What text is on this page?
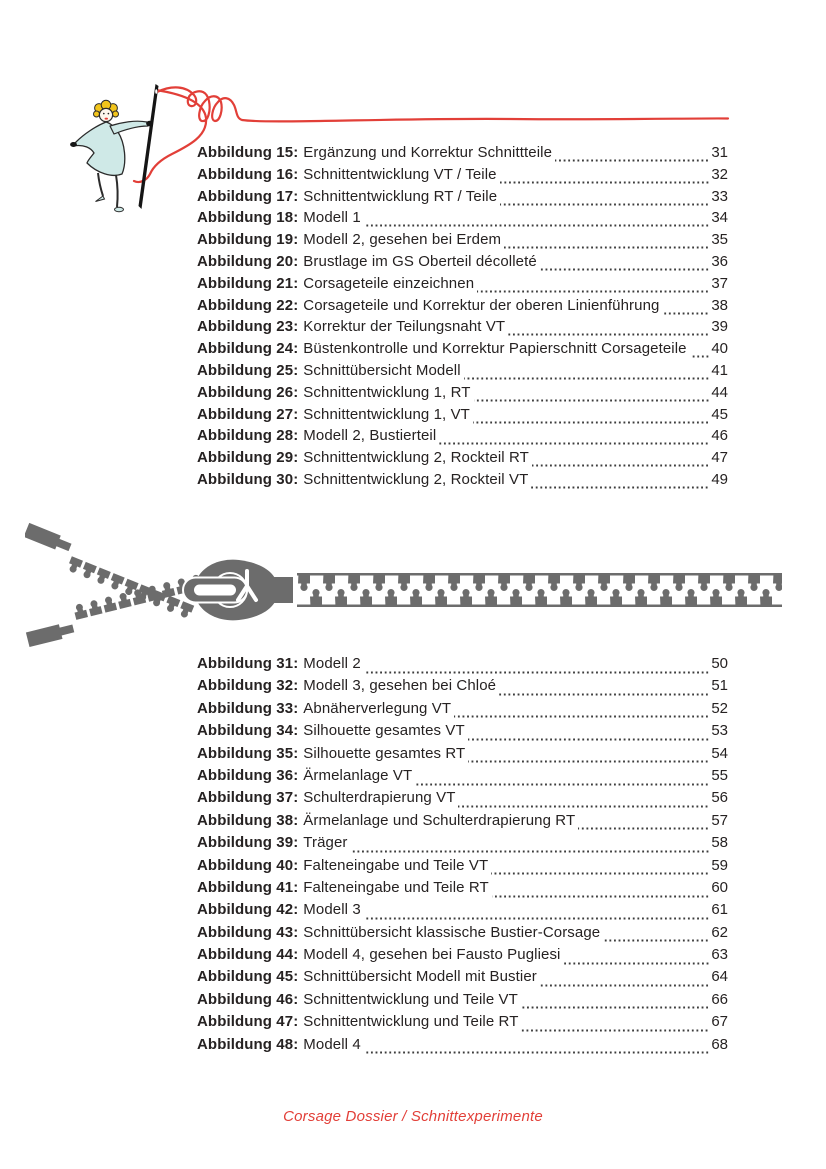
Abbildung 15: Ergänzung und Korrektur Schnittteile	31
Abbildung 16: Schnittentwicklung VT / Teile	32
Abbildung 17: Schnittentwicklung RT / Teile	33
Abbildung 18: Modell 1	34
Abbildung 19: Modell 2, gesehen bei Erdem	35
Abbildung 20: Brustlage im GS Oberteil décolleté	36
Abbildung 21: Corsageteile einzeichnen	37
Abbildung 22: Corsageteile und Korrektur der oberen Linienführung	38
Abbildung 23: Korrektur der Teilungsnaht VT	39
Abbildung 24: Büstenkontrolle und Korrektur Papierschnitt Corsageteile 40
Abbildung 25: Schnittübersicht Modell	41
Abbildung 26: Schnittentwicklung 1, RT	44
Abbildung 27: Schnittentwicklung 1, VT	45
Abbildung 28: Modell 2, Bustierteil	46
Abbildung 29: Schnittentwicklung 2, Rockteil RT	47
Abbildung 30: Schnittentwicklung 2, Rockteil VT	49
Abbildung 31: Modell 2	50
Abbildung 32: Modell 3, gesehen bei Chloé	51
Abbildung 33: Abnäherverlegung VT	52
Abbildung 34: Silhouette gesamtes VT	53
Abbildung 35: Silhouette gesamtes RT	54
Abbildung 36: Ärmelanlage VT	55
Abbildung 37: Schulterdrapierung VT	56
Abbildung 38: Ärmelanlage und Schulterdrapierung RT	57
Abbildung 39: Träger	58
Abbildung 40: Falteneingabe und Teile VT	59
Abbildung 41: Falteneingabe und Teile RT	60
Abbildung 42: Modell 3	61
Abbildung 43: Schnittübersicht klassische Bustier-Corsage	62
Abbildung 44: Modell 4, gesehen bei Fausto Pugliesi	63
Abbildung 45: Schnittübersicht Modell mit Bustier	64
Abbildung 46: Schnittentwicklung und Teile VT	66
Abbildung 47: Schnittentwicklung und Teile RT	67
Abbildung 48: Modell 4	68
Corsage Dossier / Schnittexperimente
